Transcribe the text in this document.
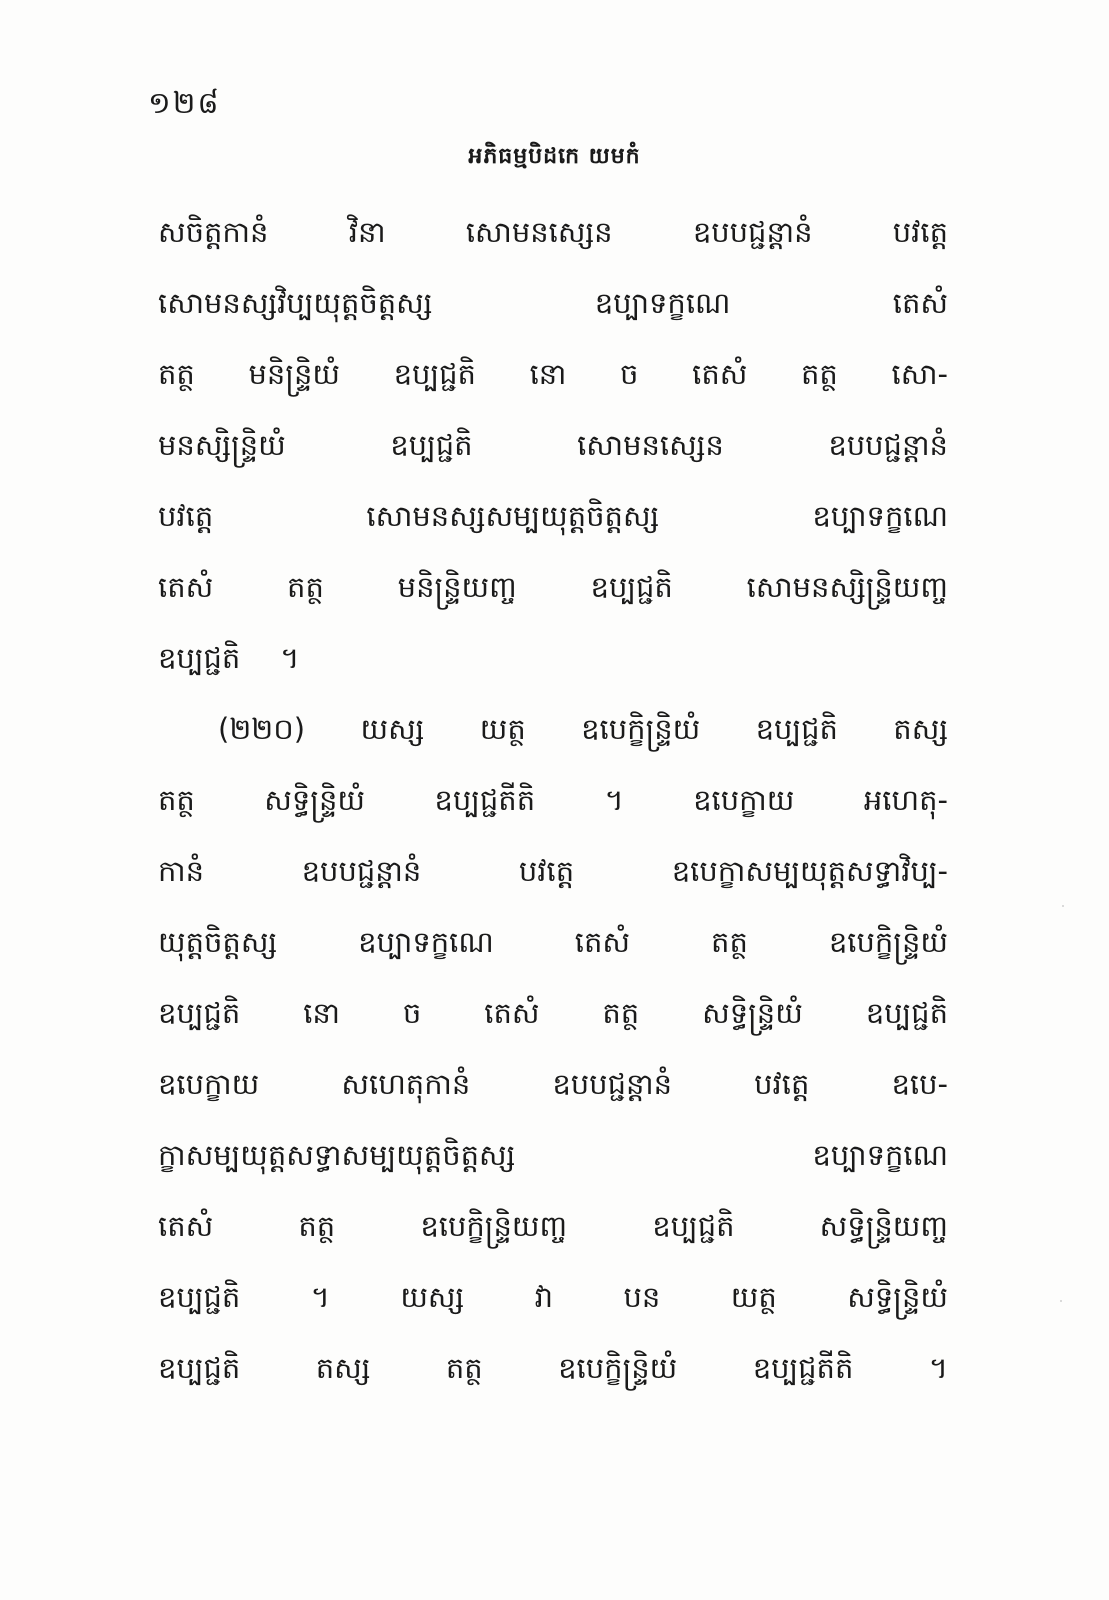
១២៨
អភិធម្មបិដកេ យមកំ
សចិត្តកានំ	វិនា	សោមនស្សេន	ឧបបជ្ជន្តានំ	បវត្តេ
សោមនស្សវិប្បយុត្តចិត្តស្ស	ឧប្បាទក្ខណេ	តេសំ
តត្ថ មនិន្ទ្រិយំ ឧប្បជ្ជតិ នោ ច តេសំ តត្ថ សោ-
មនស្សិន្ទ្រិយំ	ឧប្បជ្ជតិ	សោមនស្សេន	ឧបបជ្ជន្តានំ
បវត្តេ	សោមនស្សសម្បយុត្តចិត្តស្ស	ឧប្បាទក្ខណេ
តេសំ	តត្ថ	មនិន្ទ្រិយញ្ច	ឧប្បជ្ជតិ	សោមនស្សិន្ទ្រិយញ្ច
ឧប្បជ្ជតិ ។
(២២០) យស្ស យត្ថ ឧបេក្ខិន្ទ្រិយំ ឧប្បជ្ជតិ តស្ស
តត្ថ សទ្ធិន្ទ្រិយំ ឧប្បជ្ជតីតិ ។ ឧបេក្ខាយ អហេតុ-
កានំ	ឧបបជ្ជន្តានំ	បវត្តេ	ឧបេក្ខាសម្បយុត្តសទ្ធាវិប្ប-
យុត្តចិត្តស្ស	ឧប្បាទក្ខណេ	តេសំ	តត្ថ	ឧបេក្ខិន្ទ្រិយំ
ឧប្បជ្ជតិ នោ ច តេសំ តត្ថ សទ្ធិន្ទ្រិយំ ឧប្បជ្ជតិ
ឧបេក្ខាយ	សហេតុកានំ	ឧបបជ្ជន្តានំ	បវត្តេ	ឧបេ-
ក្ខាសម្បយុត្តសទ្ធាសម្បយុត្តចិត្តស្ស	ឧប្បាទក្ខណេ
តេសំ	តត្ថ	ឧបេក្ខិន្ទ្រិយញ្ច	ឧប្បជ្ជតិ	សទ្ធិន្ទ្រិយញ្ច
ឧប្បជ្ជតិ ។ យស្ស វា បន យត្ថ សទ្ធិន្ទ្រិយំ
ឧប្បជ្ជតិ	តស្ស	តត្ថ	ឧបេក្ខិន្ទ្រិយំ	ឧប្បជ្ជតីតិ	។
